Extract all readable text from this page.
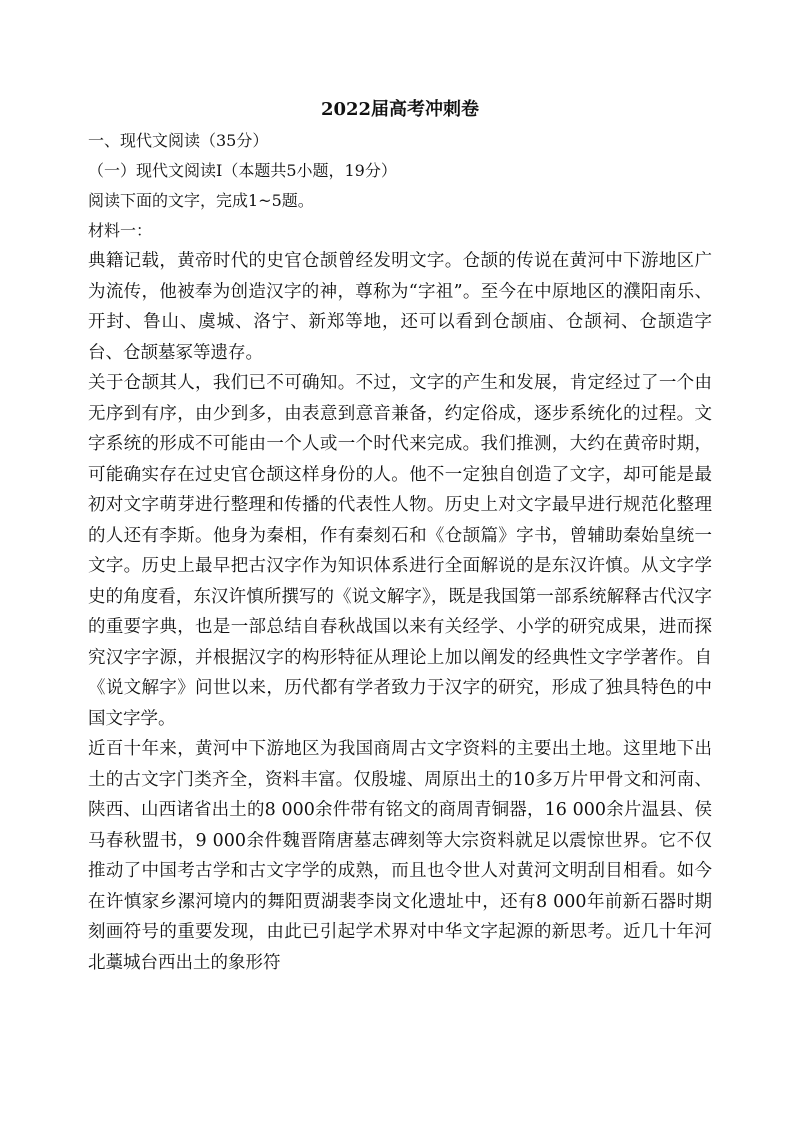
2022届高考冲刺卷
一、现代文阅读（35分）
（一）现代文阅读Ⅰ（本题共5小题，19分）
阅读下面的文字，完成1~5题。
材料一：

典籍记载，黄帝时代的史官仓颉曾经发明文字。仓颉的传说在黄河中下游地区广为流传，他被奉为创造汉字的神，尊称为“字祖”。至今在中原地区的濮阳南乐、开封、鲁山、虞城、洛宁、新郑等地，还可以看到仓颉庙、仓颉祠、仓颉造字台、仓颉墓冢等遗存。

关于仓颉其人，我们已不可确知。不过，文字的产生和发展，肯定经过了一个由无序到有序，由少到多，由表意到意音兼备，约定俗成，逐步系统化的过程。文字系统的形成不可能由一个人或一个时代来完成。我们推测，大约在黄帝时期，可能确实存在过史官仓颉这样身份的人。他不一定独自创造了文字，却可能是最初对文字萌芽进行整理和传播的代表性人物。历史上对文字最早进行规范化整理的人还有李斯。他身为秦相，作有秦刻石和《仓颉篇》字书，曾辅助秦始皇统一文字。历史上最早把古汉字作为知识体系进行全面解说的是东汉许慎。从文字学史的角度看，东汉许慎所撰写的《说文解字》，既是我国第一部系统解释古代汉字的重要字典，也是一部总结自春秋战国以来有关经学、小学的研究成果，进而探究汉字字源，并根据汉字的构形特征从理论上加以阐发的经典性文字学著作。自《说文解字》问世以来，历代都有学者致力于汉字的研究，形成了独具特色的中国文字学。

近百十年来，黄河中下游地区为我国商周古文字资料的主要出土地。这里地下出土的古文字门类齐全，资料丰富。仅殷墟、周原出土的10多万片甲骨文和河南、陕西、山西诸省出土的8 000余件带有铭文的商周青铜器，16 000余片温县、侯马春秋盟书，9 000余件魏晋隋唐墓志碑刻等大宗资料就足以震惊世界。它不仅推动了中国考古学和古文字学的成熟，而且也令世人对黄河文明刮目相看。如今在许慎家乡漯河境内的舞阳贾湖裴李岗文化遗址中，还有8 000年前新石器时期刻画符号的重要发现，由此已引起学术界对中华文字起源的新思考。近几十年河北藁城台西出土的象形符
